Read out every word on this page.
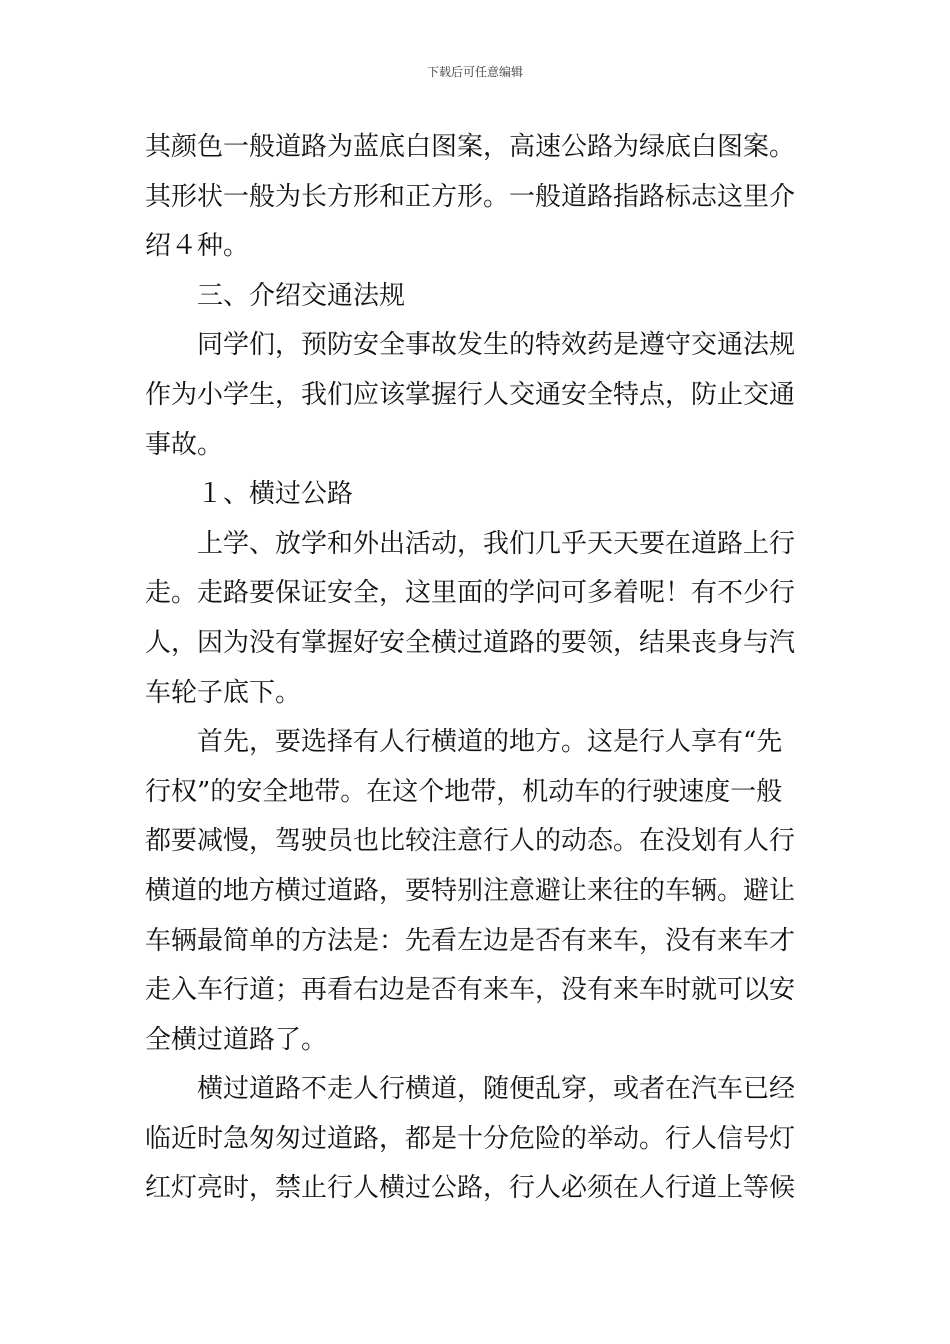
下载后可任意编辑
其颜色一般道路为蓝底白图案，高速公路为绿底白图案。
其形状一般为长方形和正方形。一般道路指路标志这里介
绍４种。
三、介绍交通法规
同学们，预防安全事故发生的特效药是遵守交通法规
作为小学生，我们应该掌握行人交通安全特点，防止交通
事故。
１、横过公路
上学、放学和外出活动，我们几乎天天要在道路上行
走。走路要保证安全，这里面的学问可多着呢！有不少行
人，因为没有掌握好安全横过道路的要领，结果丧身与汽
车轮子底下。
首先，要选择有人行横道的地方。这是行人享有“先
行权”的安全地带。在这个地带，机动车的行驶速度一般
都要减慢，驾驶员也比较注意行人的动态。在没划有人行
横道的地方横过道路，要特别注意避让来往的车辆。避让
车辆最简单的方法是：先看左边是否有来车，没有来车才
走入车行道；再看右边是否有来车，没有来车时就可以安
全横过道路了。
横过道路不走人行横道，随便乱穿，或者在汽车已经
临近时急匆匆过道路，都是十分危险的举动。行人信号灯
红灯亮时，禁止行人横过公路，行人必须在人行道上等候
